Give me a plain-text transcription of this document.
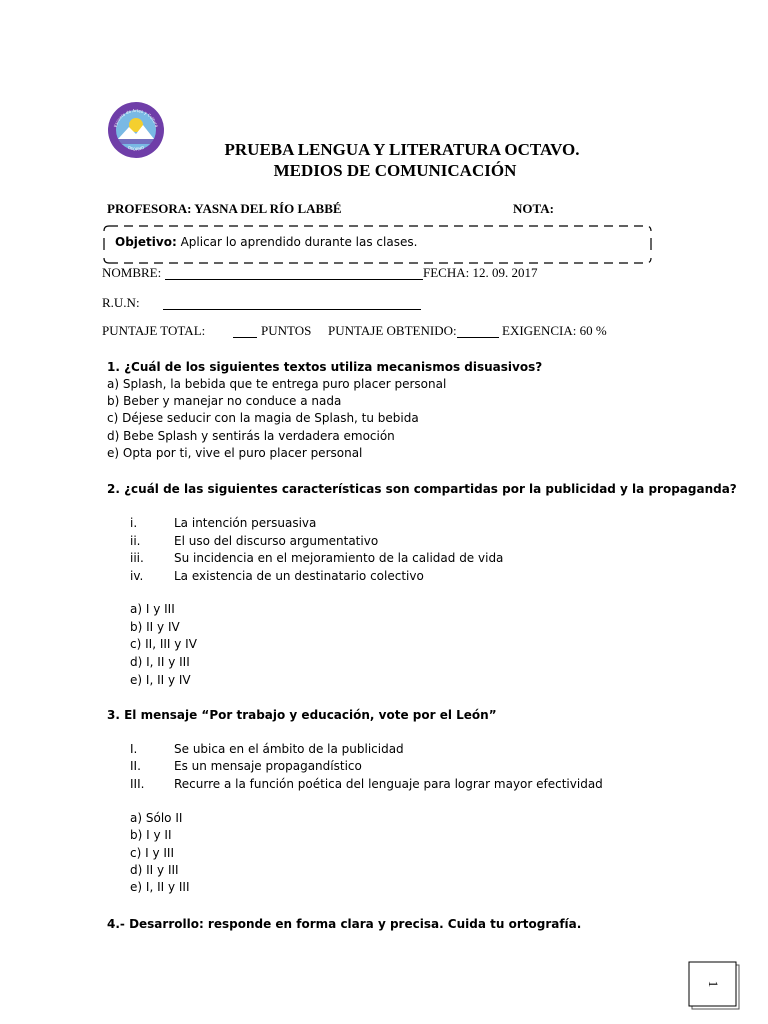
Escuela de Artes y Cultura
OSORNO	PRUEBA LENGUA Y LITERATURA OCTAVO.
MEDIOS DE COMUNICACIÓN
PROFESORA: YASNA DEL RÍO LABBÉ	NOTA:
Objetivo: Aplicar lo aprendido durante las clases.
NOMBRE:	FECHA: 12. 09. 2017
R.U.N:
PUNTAJE TOTAL:	PUNTOS PUNTAJE OBTENIDO:	EXIGENCIA: 60 %
1. ¿Cuál de los siguientes textos utiliza mecanismos disuasivos?
a) Splash, la bebida que te entrega puro placer personal
b) Beber y manejar no conduce a nada
c) Déjese seducir con la magia de Splash, tu bebida
d) Bebe Splash y sentirás la verdadera emoción
e) Opta por ti, vive el puro placer personal
2. ¿cuál de las siguientes características son compartidas por la publicidad y la propaganda?
i.	La intención persuasiva
ii.	El uso del discurso argumentativo
iii.	Su incidencia en el mejoramiento de la calidad de vida
iv.	La existencia de un destinatario colectivo
a) I y III
b) II y IV
c) II, III y IV
d) I, II y III
e) I, II y IV
3. El mensaje “Por trabajo y educación, vote por el León”
I.	Se ubica en el ámbito de la publicidad
II.	Es un mensaje propagandístico
III. Recurre a la función poética del lenguaje para lograr mayor efectividad
a) Sólo II
b) I y II
c) I y III
d) II y III
e) I, II y III
4.- Desarrollo: responde en forma clara y precisa. Cuida tu ortografía.
1
